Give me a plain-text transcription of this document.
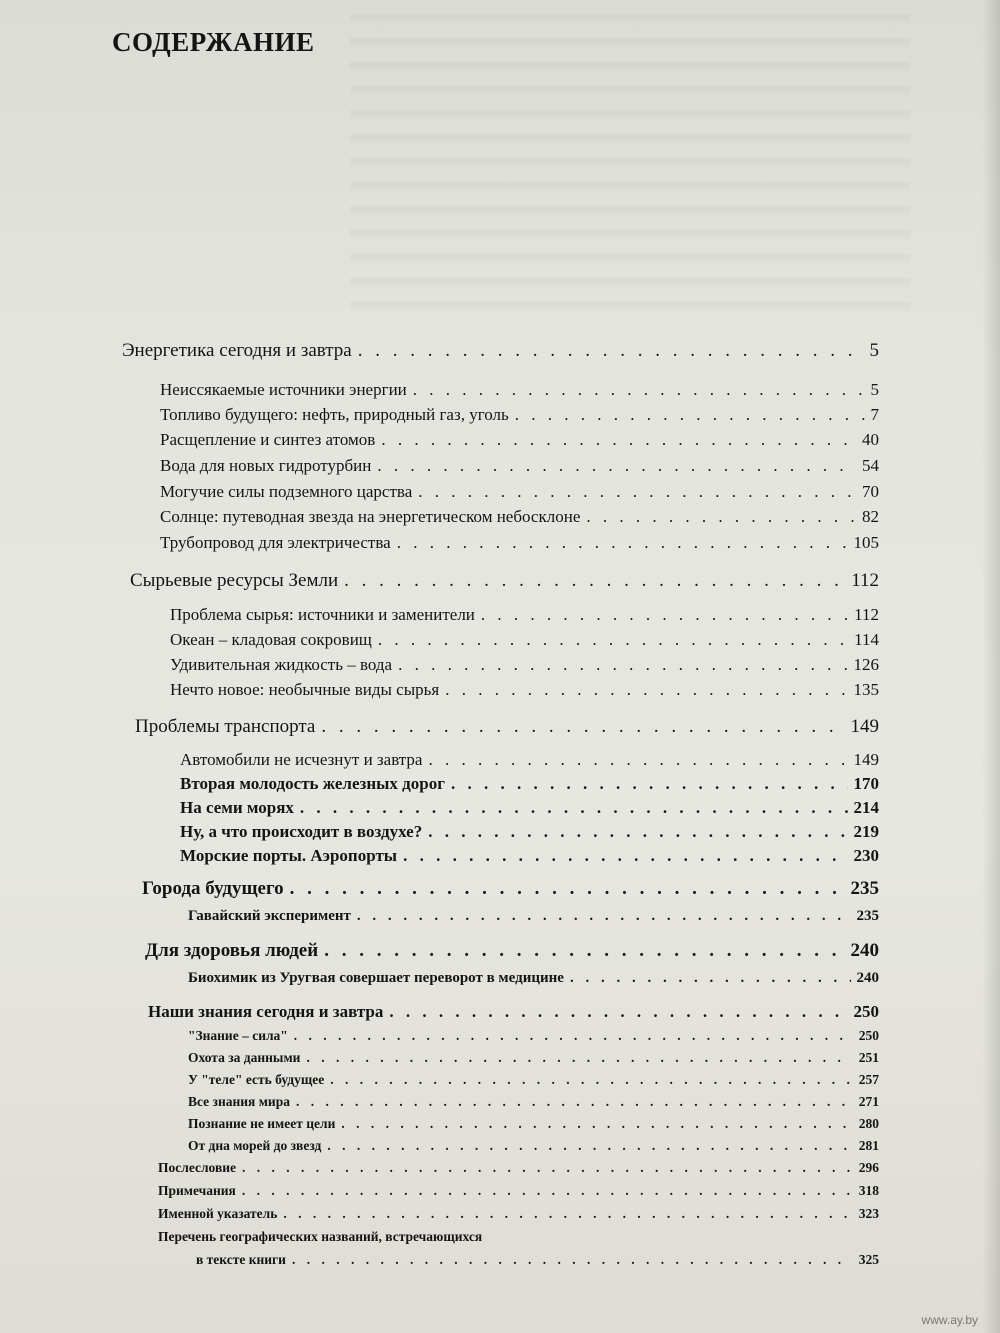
СОДЕРЖАНИЕ
Энергетика сегодня и завтра . . .	5
Неиссякаемые источники энергии . . .	5
Топливо будущего: нефть, природный газ, уголь . . .	7
Расщепление и синтез атомов . . .	40
Вода для новых гидротурбин . . .	54
Могучие силы подземного царства . . .	70
Солнце: путеводная звезда на энергетическом небосклоне . . .	82
Трубопровод для электричества . . .	105
Сырьевые ресурсы Земли . . .	112
Проблема сырья: источники и заменители . . .	112
Океан – кладовая сокровищ . . .	114
Удивительная жидкость – вода . . .	126
Нечто новое: необычные виды сырья . . .	135
Проблемы транспорта . . .	149
Автомобили не исчезнут и завтра . . .	149
Вторая молодость железных дорог . . .	170
На семи морях . . .	214
Ну, а что происходит в воздухе? . . .	219
Морские порты. Аэропорты . . .	230
Города будущего . . .	235
Гавайский эксперимент . . .	235
Для здоровья людей . . .	240
Биохимик из Уругвая совершает переворот в медицине . . .	240
Наши знания сегодня и завтра . . .	250
"Знание – сила" . . .	250
Охота за данными . . .	251
У "теле" есть будущее . . .	257
Все знания мира . . .	271
Познание не имеет цели . . .	280
От дна морей до звезд . . .	281
Послесловие . . .	296
Примечания . . .	318
Именной указатель . . .	323
Перечень географических названий, встречающихся
в тексте книги . . .	325
www.ay.by
